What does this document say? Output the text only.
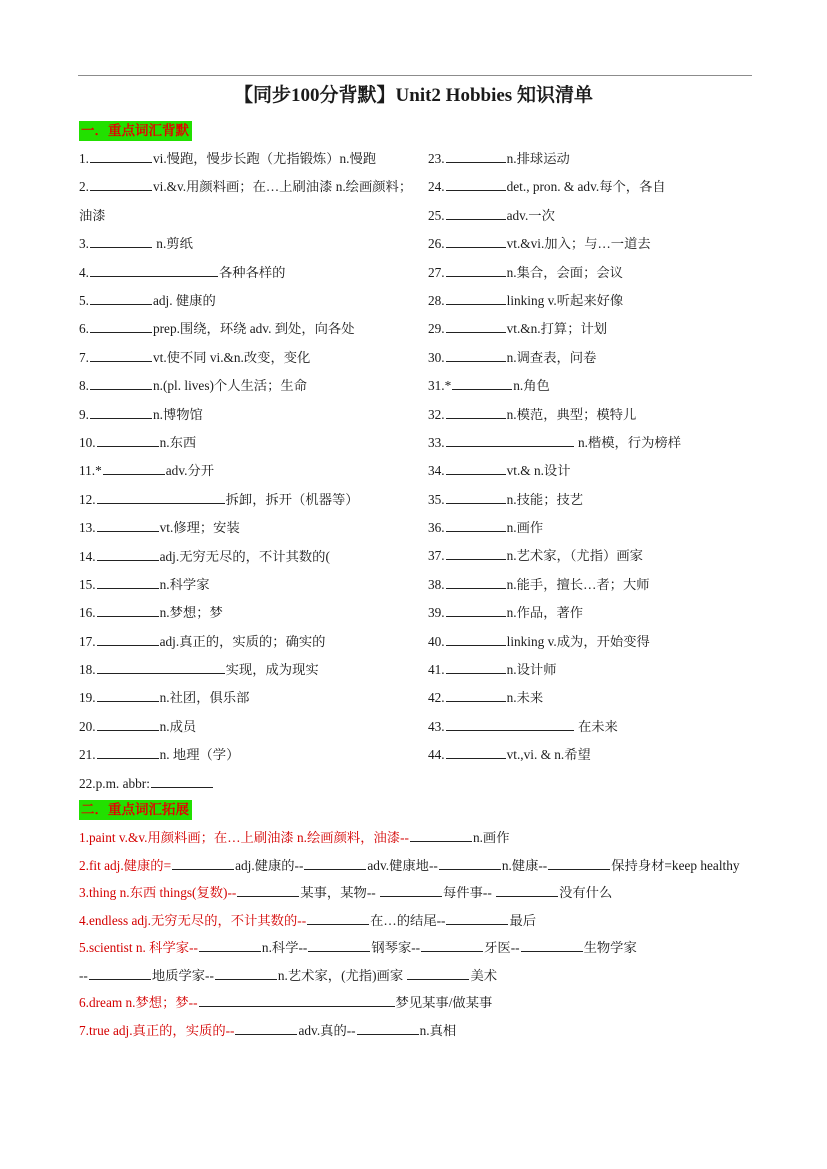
【同步100分背默】Unit2 Hobbies 知识清单
一．重点词汇背默
1.	vi.慢跑，慢步长跑（尤指锻炼）n.慢跑
2.	vi.&v.用颜料画；在…上刷油漆 n.绘画颜料；油漆
3.	n.剪纸
4.	各种各样的
5.	adj. 健康的
6.	prep.围绕，环绕 adv. 到处，向各处
7.	vt.使不同 vi.&n.改变，变化
8.	n.(pl. lives)个人生活；生命
9.	n.博物馆
10.	n.东西
11.*	adv.分开
12.	拆卸，拆开（机器等）
13.	vt.修理；安装
14.	adj.无穷无尽的，不计其数的(
15.	n.科学家
16.	n.梦想；梦
17.	adj.真正的，实质的；确实的
18.	实现，成为现实
19.	n.社团，俱乐部
20.	n.成员
21.	n. 地理（学）
22.p.m. abbr:
23.	n.排球运动
24.	det., pron. & adv.每个，各自
25.	adv.一次
26.	vt.&vi.加入；与…一道去
27.	n.集合，会面；会议
28.	linking v.听起来好像
29.	vt.&n.打算；计划
30.	n.调查表，问卷
31.*	n.角色
32.	n.模范，典型；模特儿
33.	n.楷模，行为榜样
34.	vt.& n.设计
35.	n.技能；技艺
36.	n.画作
37.	n.艺术家，（尤指）画家
38.	n.能手，擅长…者；大师
39.	n.作品，著作
40.	linking v.成为，开始变得
41.	n.设计师
42.	n.未来
43.	在未来
44.	vt.,vi. & n.希望
二．重点词汇拓展
1.paint v.&v.用颜料画；在…上刷油漆 n.绘画颜料，油漆--	n.画作
2.fit adj.健康的=	adj.健康的--	adv.健康地--	n.健康--	保持身材=keep healthy
3.thing n.东西 things(复数)--	某事，某物--	每件事--	没有什么
4.endless adj.无穷无尽的，不计其数的--	在…的结尾--	最后
5.scientist n. 科学家--	n.科学--	钢琴家--	牙医--	生物学家
--	地质学家--	n.艺术家，(尤指)画家	美术
6.dream n.梦想；梦--	梦见某事/做某事
7.true adj.真正的，实质的--	adv.真的--	n.真相
